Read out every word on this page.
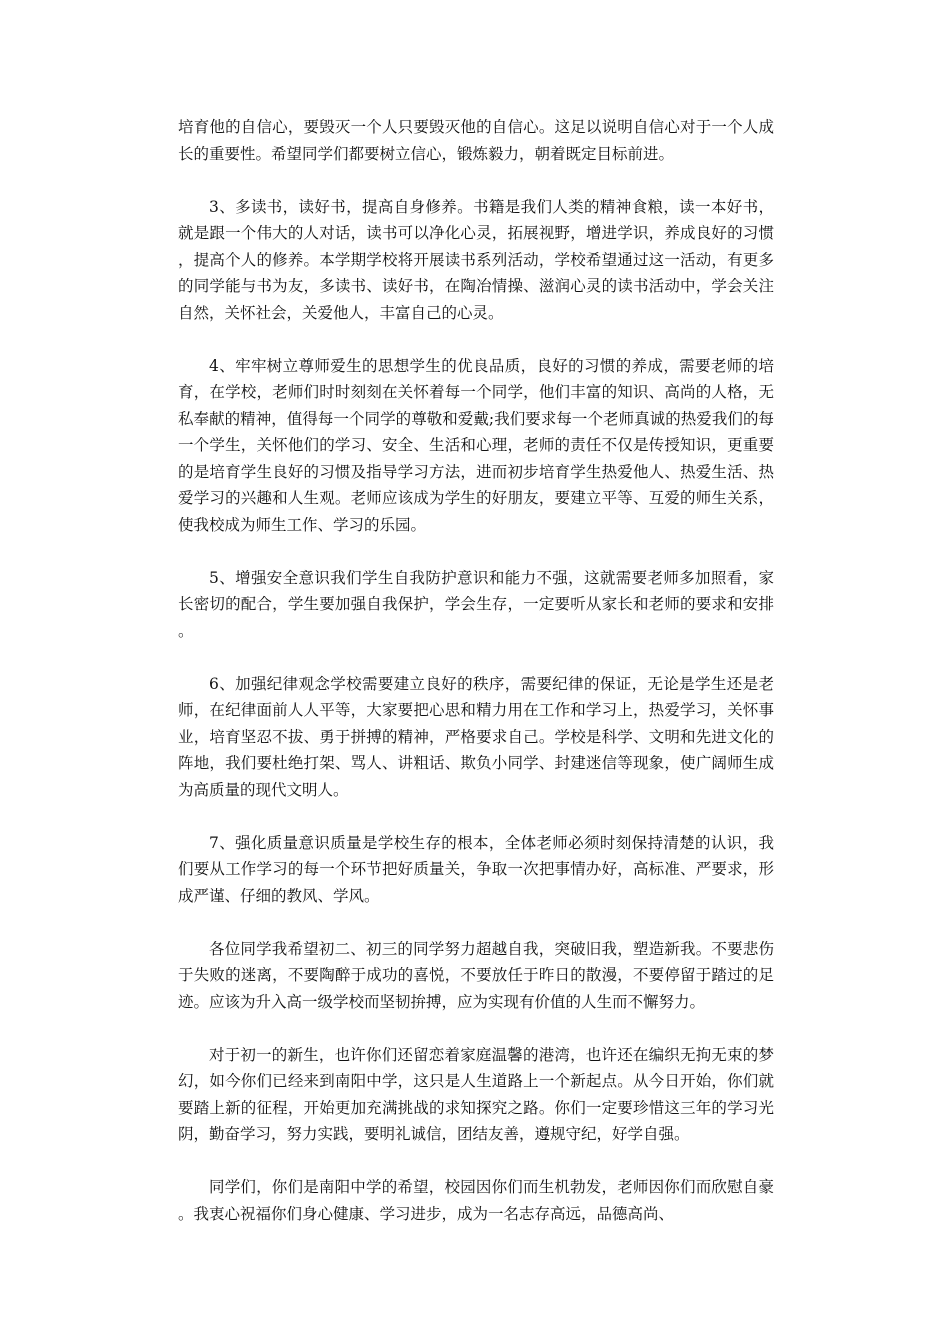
培育他的自信心，要毁灭一个人只要毁灭他的自信心。这足以说明自信心对于一个人成长的重要性。希望同学们都要树立信心，锻炼毅力，朝着既定目标前进。

3、多读书，读好书，提高自身修养。书籍是我们人类的精神食粮，读一本好书，就是跟一个伟大的人对话，读书可以净化心灵，拓展视野，增进学识，养成良好的习惯，提高个人的修养。本学期学校将开展读书系列活动，学校希望通过这一活动，有更多的同学能与书为友，多读书、读好书，在陶冶情操、滋润心灵的读书活动中，学会关注自然，关怀社会，关爱他人，丰富自己的心灵。

4、牢牢树立尊师爱生的思想学生的优良品质，良好的习惯的养成，需要老师的培育，在学校，老师们时时刻刻在关怀着每一个同学，他们丰富的知识、高尚的人格，无私奉献的精神，值得每一个同学的尊敬和爱戴;我们要求每一个老师真诚的热爱我们的每一个学生，关怀他们的学习、安全、生活和心理，老师的责任不仅是传授知识，更重要的是培育学生良好的习惯及指导学习方法，进而初步培育学生热爱他人、热爱生活、热爱学习的兴趣和人生观。老师应该成为学生的好朋友，要建立平等、互爱的师生关系，使我校成为师生工作、学习的乐园。

5、增强安全意识我们学生自我防护意识和能力不强，这就需要老师多加照看，家长密切的配合，学生要加强自我保护，学会生存，一定要听从家长和老师的要求和安排。

6、加强纪律观念学校需要建立良好的秩序，需要纪律的保证，无论是学生还是老师，在纪律面前人人平等，大家要把心思和精力用在工作和学习上，热爱学习，关怀事业，培育坚忍不拔、勇于拼搏的精神，严格要求自己。学校是科学、文明和先进文化的阵地，我们要杜绝打架、骂人、讲粗话、欺负小同学、封建迷信等现象，使广阔师生成为高质量的现代文明人。

7、强化质量意识质量是学校生存的根本，全体老师必须时刻保持清楚的认识，我们要从工作学习的每一个环节把好质量关，争取一次把事情办好，高标准、严要求，形成严谨、仔细的教风、学风。

各位同学我希望初二、初三的同学努力超越自我，突破旧我，塑造新我。不要悲伤于失败的迷离，不要陶醉于成功的喜悦，不要放任于昨日的散漫，不要停留于踏过的足迹。应该为升入高一级学校而坚韧拚搏，应为实现有价值的人生而不懈努力。

对于初一的新生，也许你们还留恋着家庭温馨的港湾，也许还在编织无拘无束的梦幻，如今你们已经来到南阳中学，这只是人生道路上一个新起点。从今日开始，你们就要踏上新的征程，开始更加充满挑战的求知探究之路。你们一定要珍惜这三年的学习光阴，勤奋学习，努力实践，要明礼诚信，团结友善，遵规守纪，好学自强。

同学们，你们是南阳中学的希望，校园因你们而生机勃发，老师因你们而欣慰自豪。我衷心祝福你们身心健康、学习进步，成为一名志存高远，品德高尚、
